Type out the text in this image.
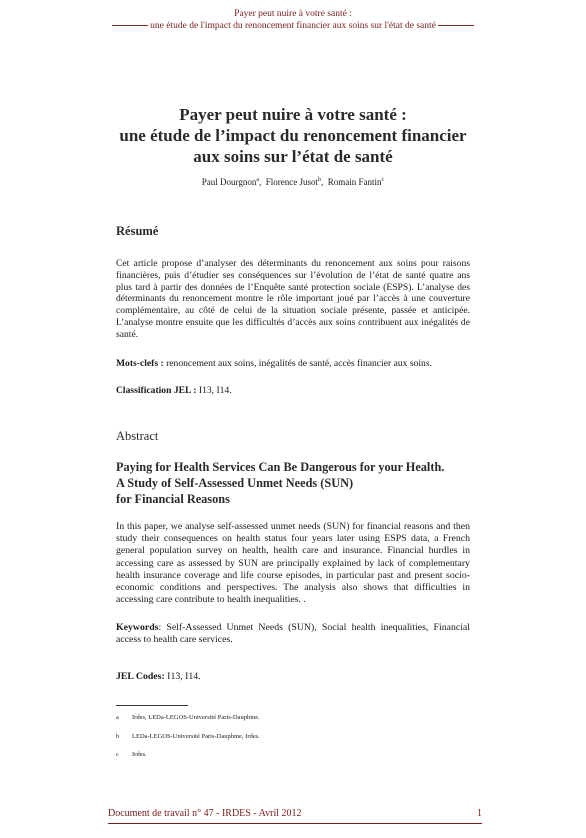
Payer peut nuire à votre santé :
une étude de l'impact du renoncement financier aux soins sur l'état de santé
Payer peut nuire à votre santé :
une étude de l’impact du renoncement financier
aux soins sur l’état de santé
Paul Dourgnon$^a$,  Florence Jusot$^b$,  Romain Fantin$^c$
Résumé
Cet article propose d’analyser des déterminants du renoncement aux soins pour raisons financières, puis d’étudier ses conséquences sur l’évolution de l’état de santé quatre ans plus tard à partir des données de l’Enquête santé protection sociale (ESPS). L’analyse des déterminants du renoncement montre le rôle important joué par l’accès à une couverture complémentaire, au côté de celui de la situation sociale présente, passée et anticipée. L’analyse montre ensuite que les difficultés d’accès aux soins contribuent aux inégalités de santé.
Mots-clefs : renoncement aux soins, inégalités de santé, accès financier aux soins.
Classification JEL : I13, I14.
Abstract
Paying for Health Services Can Be Dangerous for your Health.
A Study of Self-Assessed Unmet Needs (SUN)
for Financial Reasons
In this paper, we analyse self-assessed unmet needs (SUN) for financial reasons and then study their consequences on health status four years later using ESPS data, a French general population survey on health, health care and insurance. Financial hurdles in accessing care as assessed by SUN are principally explained by lack of complementary health insurance coverage and life course episodes, in particular past and present socio-economic conditions and perspectives. The analysis also shows that difficulties in accessing care contribute to health inequalities. .
Keywords: Self-Assessed Unmet Needs (SUN), Social health inequalities, Financial access to health care services.
JEL Codes: I13, I14.
a Irdes, LEDa-LEGOS-Université Paris-Dauphine.
b LEDa-LEGOS-Université Paris-Dauphine, Irdes.
c Irdes.
Document de travail n° 47 - IRDES - Avril 2012	1
